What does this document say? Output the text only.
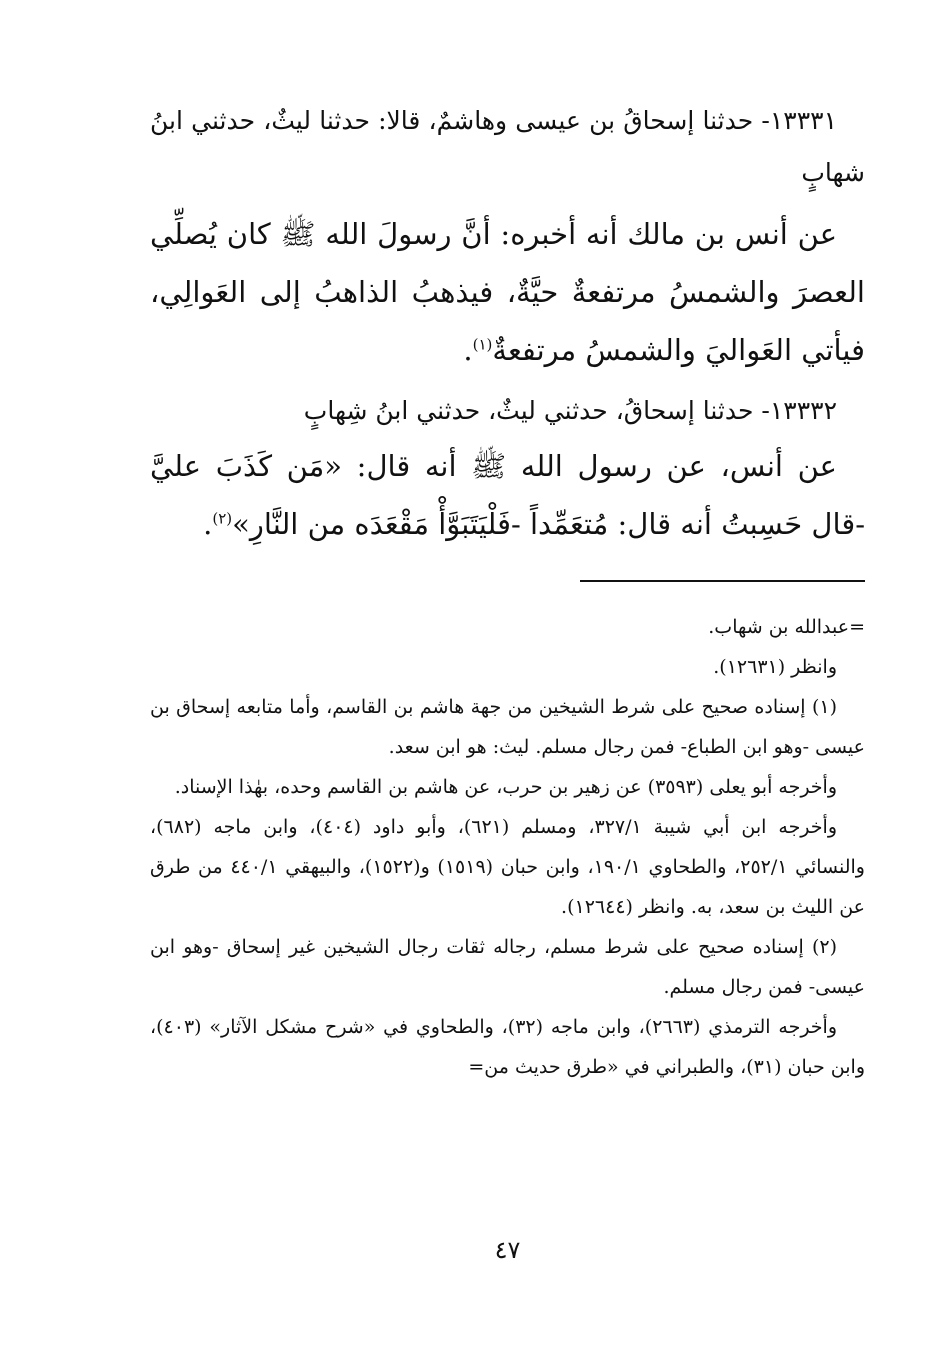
١٣٣٣١- حدثنا إسحاقُ بن عيسى وهاشمٌ، قالا: حدثنا ليثٌ، حدثني ابنُ شهابٍ

عن أنس بن مالك أنه أخبره: أنَّ رسولَ الله ﷺ كان يُصلِّي العصرَ والشمسُ مرتفعةٌ حيَّةٌ، فيذهبُ الذاهبُ إلى العَوالِي، فيأتي العَواليَ والشمسُ مرتفعةٌ$^{(١)}$.

١٣٣٣٢- حدثنا إسحاقُ، حدثني ليثٌ، حدثني ابنُ شِهابٍ

عن أنس، عن رسول الله ﷺ أنه قال: «مَن كَذَبَ عليَّ -قال حَسِبتُ أنه قال: مُتعَمِّداً -فَلْيَتَبَوَّأْ مَقْعَدَه من النَّارِ»$^{(٢)}$.

=عبدالله بن شهاب.

وانظر (١٢٦٣١).

(١) إسناده صحيح على شرط الشيخين من جهة هاشم بن القاسم، وأما متابعه إسحاق بن عيسى -وهو ابن الطباع- فمن رجال مسلم. ليث: هو ابن سعد.

وأخرجه أبو يعلى (٣٥٩٣) عن زهير بن حرب، عن هاشم بن القاسم وحده، بهٰذا الإسناد.

وأخرجه ابن أبي شيبة ٣٢٧/١، ومسلم (٦٢١)، وأبو داود (٤٠٤)، وابن ماجه (٦٨٢)، والنسائي ٢٥٢/١، والطحاوي ١٩٠/١، وابن حبان (١٥١٩) و(١٥٢٢)، والبيهقي ٤٤٠/١ من طرق عن الليث بن سعد، به. وانظر (١٢٦٤٤).

(٢) إسناده صحيح على شرط مسلم، رجاله ثقات رجال الشيخين غير إسحاق -وهو ابن عيسى- فمن رجال مسلم.

وأخرجه الترمذي (٢٦٦٣)، وابن ماجه (٣٢)، والطحاوي في «شرح مشكل الآثار» (٤٠٣)، وابن حبان (٣١)، والطبراني في «طرق حديث من=

٤٧
